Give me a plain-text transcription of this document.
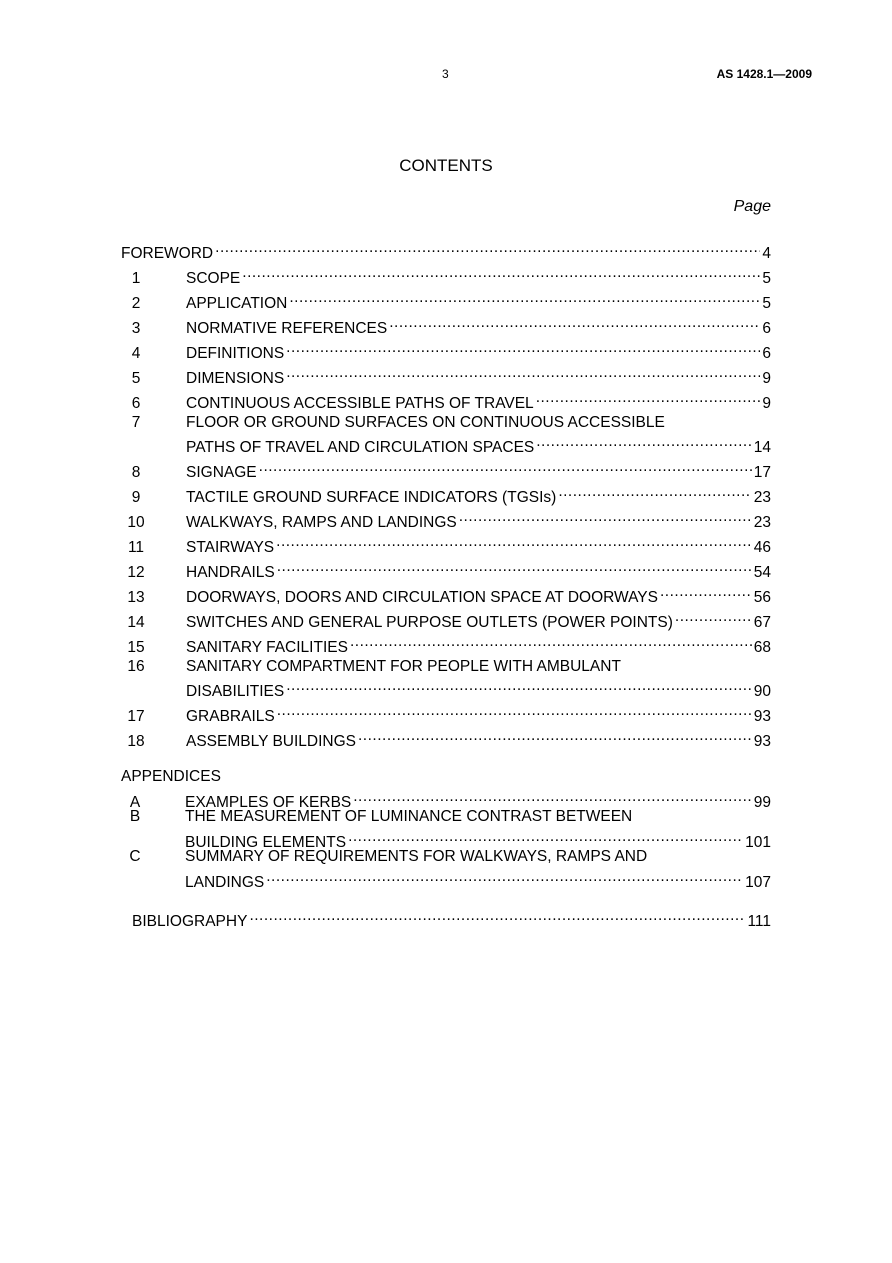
3	AS 1428.1—2009
CONTENTS
Page
FOREWORD .....	4
1	SCOPE .....	5
2	APPLICATION .....	5
3	NORMATIVE REFERENCES .....	6
4	DEFINITIONS .....	6
5	DIMENSIONS .....	9
6	CONTINUOUS ACCESSIBLE PATHS OF TRAVEL .....	9
7	FLOOR OR GROUND SURFACES ON CONTINUOUS ACCESSIBLE
PATHS OF TRAVEL AND CIRCULATION SPACES .....	14
8	SIGNAGE .....	17
9	TACTILE GROUND SURFACE INDICATORS (TGSIs) .....	23
10	WALKWAYS, RAMPS AND LANDINGS .....	23
11	STAIRWAYS .....	46
12	HANDRAILS .....	54
13	DOORWAYS, DOORS AND CIRCULATION SPACE AT DOORWAYS .....	56
14	SWITCHES AND GENERAL PURPOSE OUTLETS (POWER POINTS) .....	67
15	SANITARY FACILITIES .....	68
16	SANITARY COMPARTMENT FOR PEOPLE WITH AMBULANT
DISABILITIES .....	90
17	GRABRAILS .....	93
18	ASSEMBLY BUILDINGS .....	93
APPENDICES
A	EXAMPLES OF KERBS .....	99
B	THE MEASUREMENT OF LUMINANCE CONTRAST BETWEEN
BUILDING ELEMENTS .....	101
C	SUMMARY OF REQUIREMENTS FOR WALKWAYS, RAMPS AND
LANDINGS .....	107
BIBLIOGRAPHY .....	111
